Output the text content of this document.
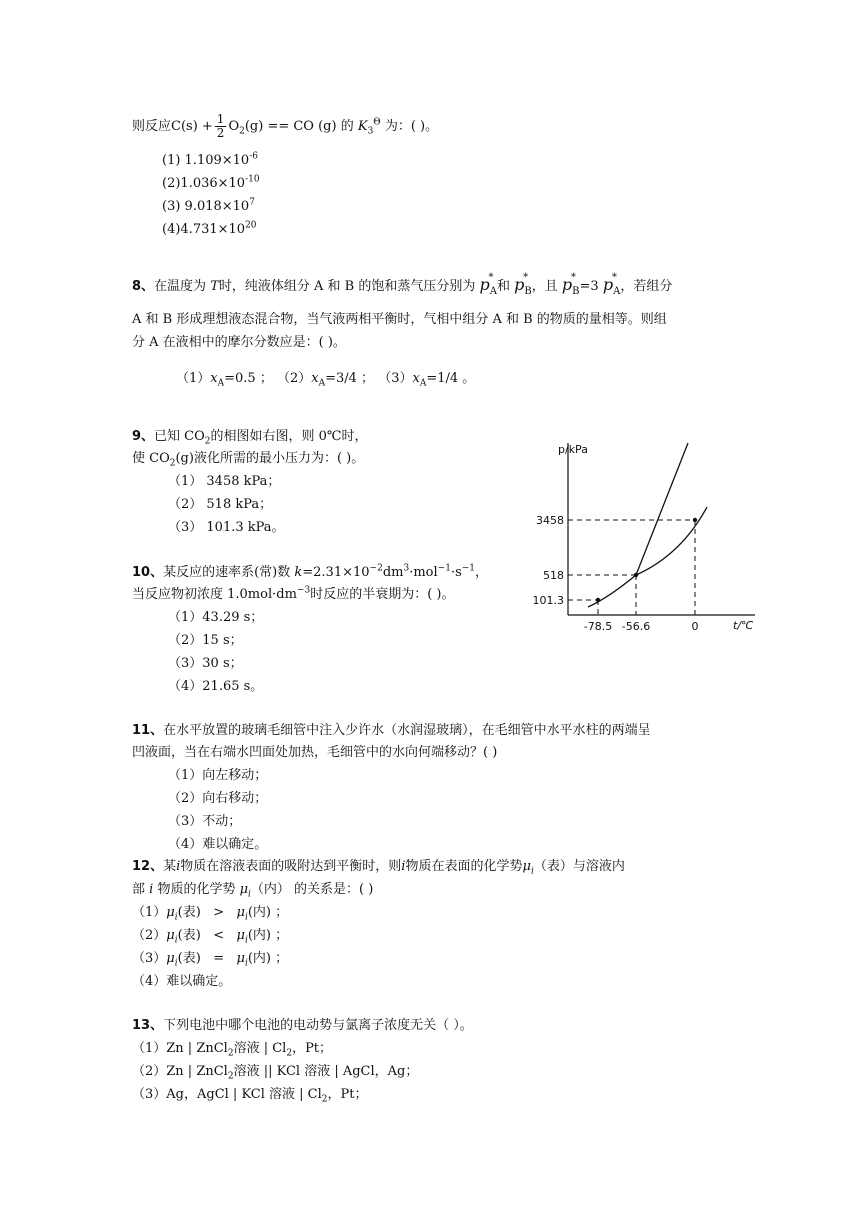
则反应$C(s) + \frac{1}{2} O_2(g)$ == CO (g) 的 $K_3^\Theta$ 为：( )。
(1) $1.109\times 10^{-6}$
$(2)1.036\times 10^{-10}$
(3) $9.018\times 10^7$
$(4)4.731\times 10^{20}$
8、在温度为 T时，纯液体组分 A 和 B 的饱和蒸气压分别为 p
*
$_A$和 p
*
$_B$，且 p
*
$_B$=3 p
*
$_A$，若组分
A 和 B 形成理想液态混合物，当气液两相平衡时，气相中组分 A 和 B 的物质的量相等。则组
分 A 在液相中的摩尔分数应是：( )。
$(1)x_A=0.5$ ； $(2)x_A=3/4$ ； $(3)x_A=1/4$ 。
9、已知 $CO_2$的相图如右图，则 0℃时，
使 $CO_2(g)$液化所需的最小压力为：( )。
（1） 3458 kPa；
（2） 518 kPa；
（3） 101.3 kPa。
10、某反应的速率系(常)数 $k=2.31\times 10^{-2}dm^3\cdot mol^{-1}\cdot s^{-1}$，
当反应物初浓度 $1.0mol\cdot dm^{-3}$时反应的半衰期为：( )。
（1）43.29 s；
（2）15 s；
（3）30 s；
（4）21.65 s。
p/kPa
t/℃
-78.5 -56.6	0
101.3
518
3458
11、在水平放置的玻璃毛细管中注入少许水（水润湿玻璃），在毛细管中水平水柱的两端呈
凹液面，当在右端水凹面处加热，毛细管中的水向何端移动？( )
（1）向左移动；
（2）向右移动；
（3）不动；
（4）难以确定。
12、某i物质在溶液表面的吸附达到平衡时，则i物质在表面的化学势$\mu_i$（表）与溶液内
部 i 物质的化学势 $\mu_i$（内） 的关系是：( )
$(1)\mu_i$(表) > $\mu_i$(内) ；
$(2)\mu_i$(表) < $\mu_i$(内) ；
$(3)\mu_i$(表) = $\mu_i$(内) ；
（4）难以确定。
13、下列电池中哪个电池的电动势与氯离子浓度无关（ ）。
（1）Zn | ZnCl$_2$溶液 | $Cl_2$，Pt；
（2）Zn | ZnCl$_2$溶液 || KCl 溶液 | AgCl，Ag；
（3）Ag，AgCl | KCl 溶液 | $Cl_2$，Pt；
